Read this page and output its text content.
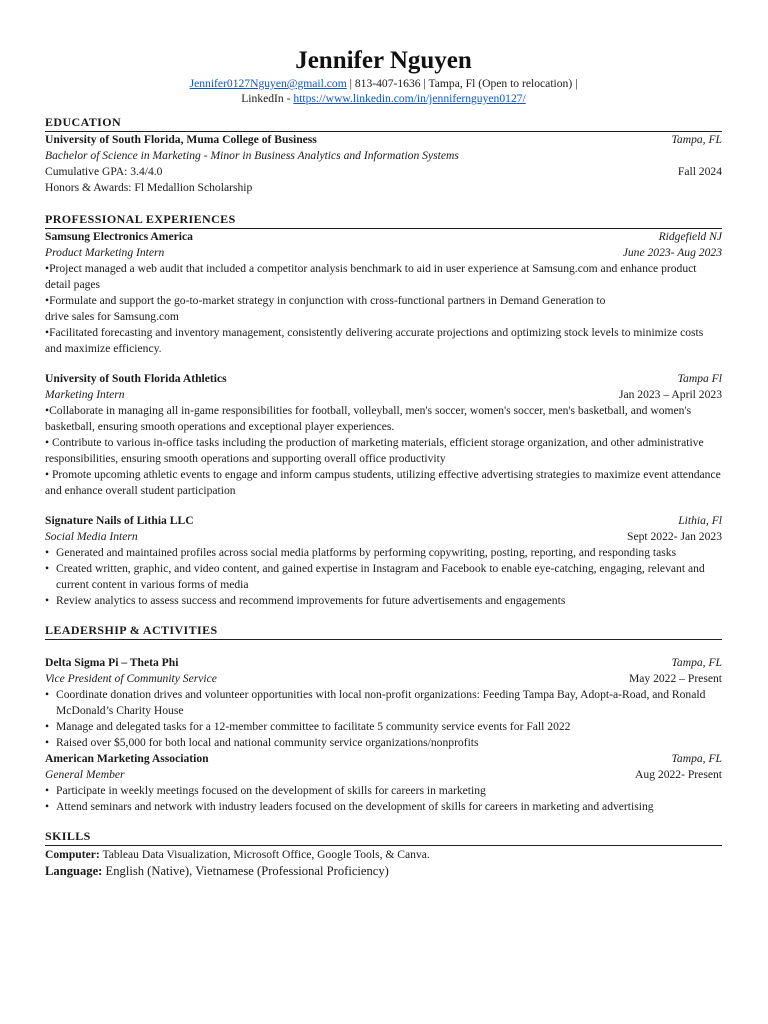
Jennifer Nguyen
Jennifer0127Nguyen@gmail.com | 813-407-1636 | Tampa, Fl (Open to relocation) |
LinkedIn - https://www.linkedin.com/in/jennifernguyen0127/
EDUCATION
University of South Florida, Muma College of Business	Tampa, FL
Bachelor of Science in Marketing - Minor in Business Analytics and Information Systems
Cumulative GPA: 3.4/4.0	Fall 2024
Honors & Awards: Fl Medallion Scholarship
PROFESSIONAL EXPERIENCES
Samsung Electronics America	Ridgefield NJ
Product Marketing Intern	June 2023- Aug 2023
•Project managed a web audit that included a competitor analysis benchmark to aid in user experience at Samsung.com and enhance product detail pages
•Formulate and support the go-to-market strategy in conjunction with cross-functional partners in Demand Generation to drive sales for Samsung.com
•Facilitated forecasting and inventory management, consistently delivering accurate projections and optimizing stock levels to minimize costs and maximize efficiency.
University of South Florida Athletics	Tampa Fl
Marketing Intern	Jan 2023 – April 2023
•Collaborate in managing all in-game responsibilities for football, volleyball, men's soccer, women's soccer, men's basketball, and women's basketball, ensuring smooth operations and exceptional player experiences.
• Contribute to various in-office tasks including the production of marketing materials, efficient storage organization, and other administrative responsibilities, ensuring smooth operations and supporting overall office productivity
• Promote upcoming athletic events to engage and inform campus students, utilizing effective advertising strategies to maximize event attendance and enhance overall student participation
Signature Nails of Lithia LLC	Lithia, Fl
Social Media Intern	Sept 2022- Jan 2023
• Generated and maintained profiles across social media platforms by performing copywriting, posting, reporting, and responding tasks
• Created written, graphic, and video content, and gained expertise in Instagram and Facebook to enable eye-catching, engaging, relevant and current content in various forms of media
• Review analytics to assess success and recommend improvements for future advertisements and engagements
LEADERSHIP & ACTIVITIES
Delta Sigma Pi – Theta Phi	Tampa, FL
Vice President of Community Service	May 2022 – Present
• Coordinate donation drives and volunteer opportunities with local non-profit organizations: Feeding Tampa Bay, Adopt-a-Road, and Ronald McDonald’s Charity House
• Manage and delegated tasks for a 12-member committee to facilitate 5 community service events for Fall 2022
• Raised over $5,000 for both local and national community service organizations/nonprofits
American Marketing Association	Tampa, FL
General Member	Aug 2022- Present
• Participate in weekly meetings focused on the development of skills for careers in marketing
• Attend seminars and network with industry leaders focused on the development of skills for careers in marketing and advertising
SKILLS
Computer: Tableau Data Visualization, Microsoft Office, Google Tools, & Canva.
Language: English (Native), Vietnamese (Professional Proficiency)
